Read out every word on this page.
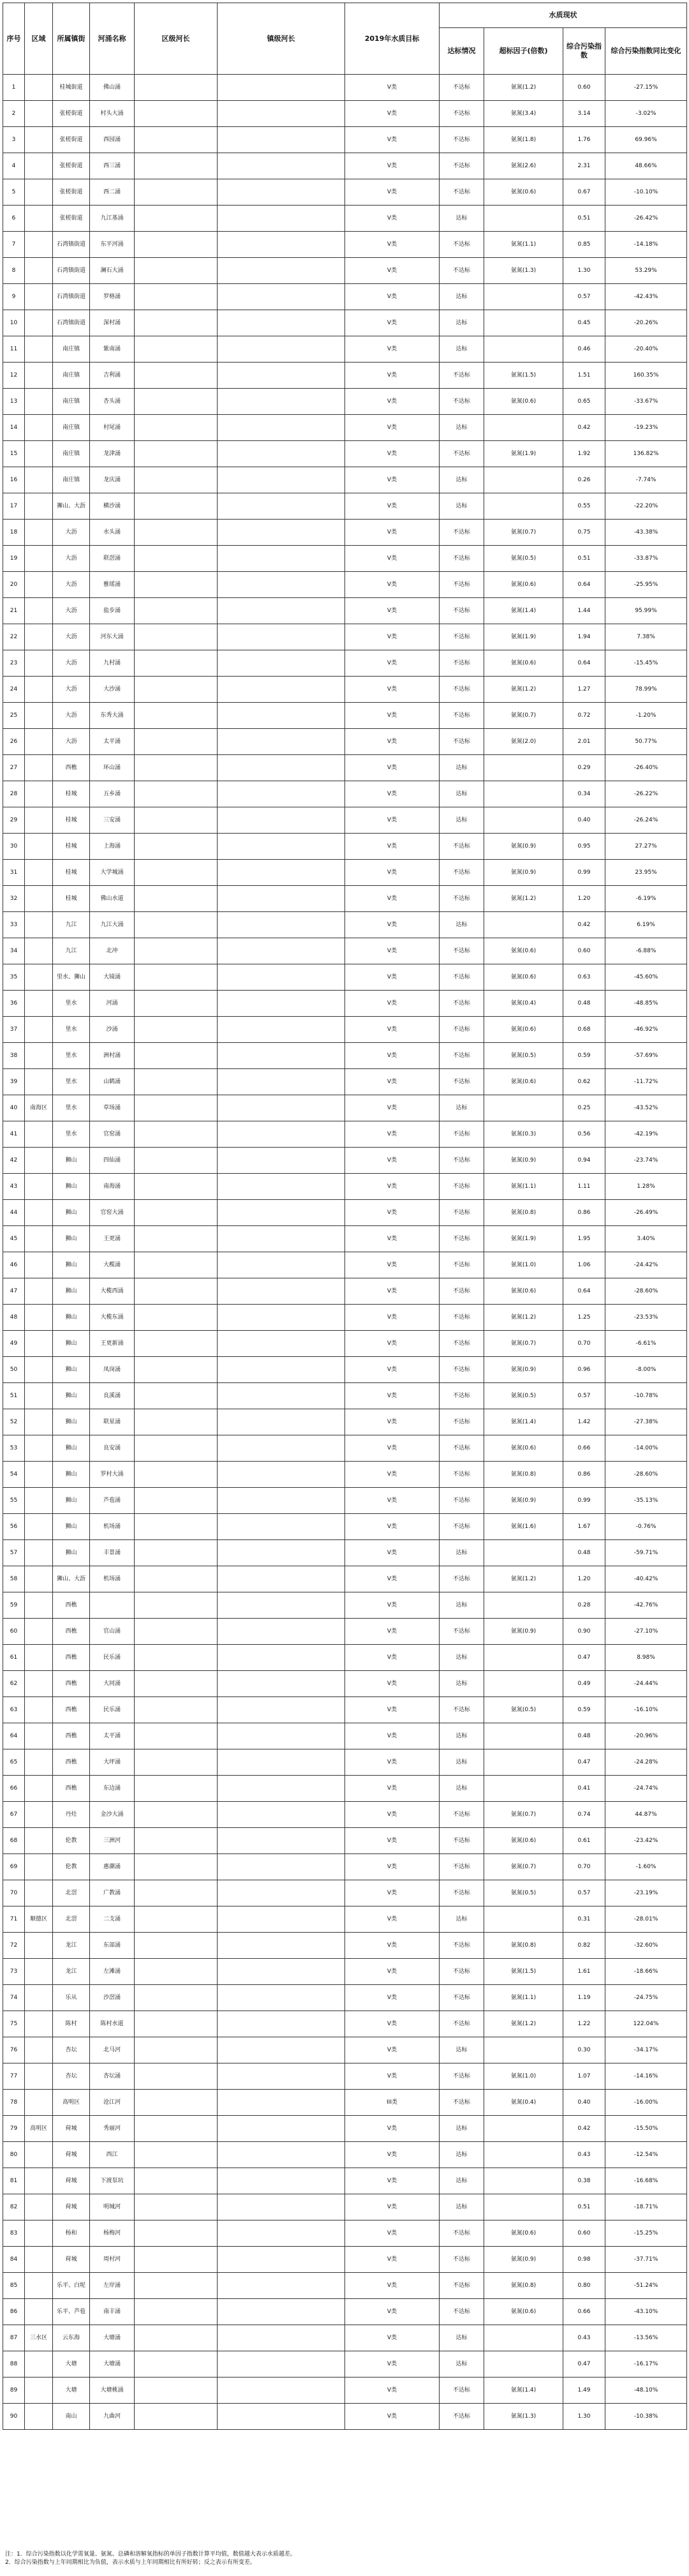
序号	区域	所属镇街	河涌名称	区级河长	镇级河长	2019年水质目标	水质现状			
							达标情况	超标因子(倍数)	综合污染指数	综合污染指数同比变化
1		桂城街道	佛山涌			V类	不达标	氨氮(1.2)	0.60	-27.15%
2		张槎街道	村头大涌			V类	不达标	氨氮(3.4)	3.14	-3.02%
3		张槎街道	西园涌			V类	不达标	氨氮(1.8)	1.76	69.96%
4		张槎街道	西三涌			V类	不达标	氨氮(2.6)	2.31	48.66%
5		张槎街道	西二涌			V类	不达标	氨氮(0.6)	0.67	-10.10%
6		张槎街道	九江基涌			V类	达标		0.51	-26.42%
7		石湾镇街道	东平河涌			V类	不达标	氨氮(1.1)	0.85	-14.18%
8		石湾镇街道	澜石大涌			V类	不达标	氨氮(1.3)	1.30	53.29%
9		石湾镇街道	罗格涌			V类	达标		0.57	-42.43%
10		石湾镇街道	深村涌			V类	达标		0.45	-20.26%
11		南庄镇	紫南涌			V类	达标		0.46	-20.40%
12		南庄镇	吉利涌			V类	不达标	氨氮(1.5)	1.51	160.35%
13		南庄镇	杏头涌			V类	不达标	氨氮(0.6)	0.65	-33.67%
14		南庄镇	村尾涌			V类	达标		0.42	-19.23%
15		南庄镇	龙津涌			V类	不达标	氨氮(1.9)	1.92	136.82%
16		南庄镇	龙庆涌			V类	达标		0.26	-7.74%
17		狮山、大沥	横沙涌			V类	达标		0.55	-22.20%
18		大沥	水头涌			V类	不达标	氨氮(0.7)	0.75	-43.38%
19		大沥	联滘涌			V类	不达标	氨氮(0.5)	0.51	-33.87%
20		大沥	雅瑶涌			V类	不达标	氨氮(0.6)	0.64	-25.95%
21		大沥	盐步涌			V类	不达标	氨氮(1.4)	1.44	95.99%
22		大沥	河东大涌			V类	不达标	氨氮(1.9)	1.94	7.38%
23		大沥	九村涌			V类	不达标	氨氮(0.6)	0.64	-15.45%
24		大沥	大沙涌			V类	不达标	氨氮(1.2)	1.27	78.99%
25		大沥	东秀大涌			V类	不达标	氨氮(0.7)	0.72	-1.20%
26		大沥	太平涌			V类	不达标	氨氮(2.0)	2.01	50.77%
27		西樵	环山涌			V类	达标		0.29	-26.40%
28		桂城	五乡涌			V类	达标		0.34	-26.22%
29		桂城	三安涌			V类	达标		0.40	-26.24%
30		桂城	上海涌			V类	不达标	氨氮(0.9)	0.95	27.27%
31		桂城	大学城涌			V类	不达标	氨氮(0.9)	0.99	23.95%
32		桂城	佛山水道			V类	不达标	氨氮(1.2)	1.20	-6.19%
33		九江	九江大涌			V类	达标		0.42	6.19%
34		九江	北冲			V类	不达标	氨氮(0.6)	0.60	-6.88%
35		里水、狮山	大镜涌			V类	不达标	氨氮(0.6)	0.63	-45.60%
36		里水	河涌			V类	不达标	氨氮(0.4)	0.48	-48.85%
37		里水	沙涌			V类	不达标	氨氮(0.6)	0.68	-46.92%
38		里水	洲村涌			V类	不达标	氨氮(0.5)	0.59	-57.69%
39		里水	山鹤涌			V类	不达标	氨氮(0.6)	0.62	-11.72%
40	南海区	里水	草场涌			V类	达标		0.25	-43.52%
41		里水	官窑涌			V类	不达标	氨氮(0.3)	0.56	-42.19%
42		狮山	四仙涌			V类	不达标	氨氮(0.9)	0.94	-23.74%
43		狮山	南海涌			V类	不达标	氨氮(1.1)	1.11	1.28%
44		狮山	官窑大涌			V类	不达标	氨氮(0.8)	0.86	-26.49%
45		狮山	王更涌			V类	不达标	氨氮(1.9)	1.95	3.40%
46		狮山	大榄涌			V类	不达标	氨氮(1.0)	1.06	-24.42%
47		狮山	大榄西涌			V类	不达标	氨氮(0.6)	0.64	-28.60%
48		狮山	大榄东涌			V类	不达标	氨氮(1.2)	1.25	-23.53%
49		狮山	王更新涌			V类	不达标	氨氮(0.7)	0.70	-6.61%
50		狮山	凤岗涌			V类	不达标	氨氮(0.9)	0.96	-8.00%
51		狮山	良溪涌			V类	不达标	氨氮(0.5)	0.57	-10.78%
52		狮山	联星涌			V类	不达标	氨氮(1.4)	1.42	-27.38%
53		狮山	良安涌			V类	不达标	氨氮(0.6)	0.66	-14.00%
54		狮山	罗村大涌			V类	不达标	氨氮(0.8)	0.86	-28.60%
55		狮山	芦苞涌			V类	不达标	氨氮(0.9)	0.99	-35.13%
56		狮山	机场涌			V类	不达标	氨氮(1.6)	1.67	-0.76%
57		狮山	丰景涌			V类	达标		0.48	-59.71%
58		狮山、大沥	机场涌			V类	不达标	氨氮(1.2)	1.20	-40.42%
59		西樵				V类	达标		0.28	-42.76%
60		西樵	官山涌			V类	不达标	氨氮(0.9)	0.90	-27.10%
61		西樵	民乐涌			V类	达标		0.47	8.98%
62		西樵	大同涌			V类	达标		0.49	-24.44%
63		西樵	民乐涌			V类	不达标	氨氮(0.5)	0.59	-16.10%
64		西樵	太平涌			V类	达标		0.48	-20.96%
65		西樵	大坪涌			V类	达标		0.47	-24.28%
66		西樵	东边涌			V类	达标		0.41	-24.74%
67		丹灶	金沙大涌			V类	不达标	氨氮(0.7)	0.74	44.87%
68		伦教	三洲河			V类	不达标	氨氮(0.6)	0.61	-23.42%
69		伦教	惠潮涌			V类	不达标	氨氮(0.7)	0.70	-1.60%
70		北滘	广教涌			V类	不达标	氨氮(0.5)	0.57	-23.19%
71	顺德区	北滘	二支涌			V类	达标		0.31	-28.01%
72		龙江	东部涌			V类	不达标	氨氮(0.8)	0.82	-32.60%
73		龙江	左滩涌			V类	不达标	氨氮(1.5)	1.61	-18.66%
74		乐从	沙滘涌			V类	不达标	氨氮(1.1)	1.19	-24.75%
75		陈村	陈村水道			V类	不达标	氨氮(1.2)	1.22	122.04%
76		杏坛	北马河			V类	达标		0.30	-34.17%
77		杏坛	杏坛涌			V类	不达标	氨氮(1.0)	1.07	-14.16%
78		高明区	沧江河			III类	不达标	氨氮(0.4)	0.40	-16.00%
79	高明区	荷城	秀丽河			V类	达标		0.42	-15.50%
80		荷城	西江			V类	达标		0.43	-12.54%
81		荷城	下渡泵坑			V类	达标		0.38	-16.68%
82		荷城	明城河			V类	达标		0.51	-18.71%
83		杨和	杨梅河			V类	不达标	氨氮(0.6)	0.60	-15.25%
84		荷城	周村河			V类	不达标	氨氮(0.9)	0.98	-37.71%
85		乐平、白坭	左岸涌			V类	不达标	氨氮(0.8)	0.80	-51.24%
86		乐平、芦苞	南丰涌			V类	不达标	氨氮(0.6)	0.66	-43.10%
87	三水区	云东海	大塘涌			V类	达标		0.43	-13.56%
88		大塘	大塘涌			V类	达标		0.47	-16.17%
89		大塘	大塘桃涌			V类	不达标	氨氮(1.4)	1.49	-48.10%
90		南山	九曲河			V类	不达标	氨氮(1.3)	1.30	-10.38%
注：1．综合污染指数以化学需氧量、氨氮、总磷和溶解氧指标的单因子指数计算平均值，数值越大表示水质越差。
2．综合污染指数与上年同期相比为负值，表示水质与上年同期相比有所好转；反之表示有所变差。
